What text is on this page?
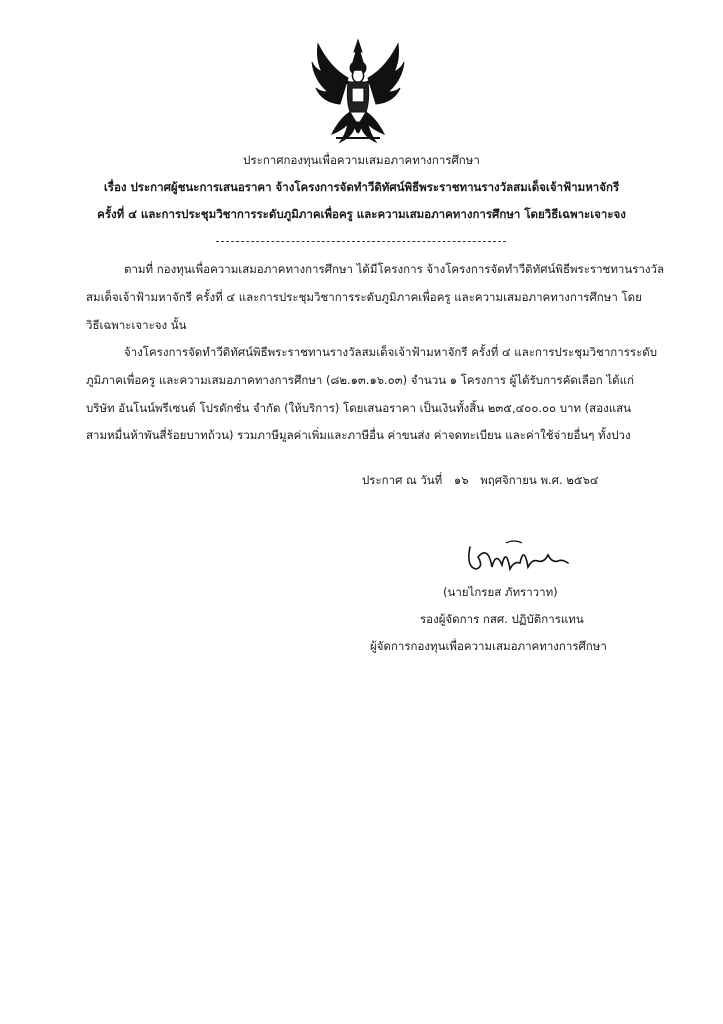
ประกาศกองทุนเพื่อความเสมอภาคทางการศึกษา
เรื่อง ประกาศผู้ชนะการเสนอราคา จ้างโครงการจัดทำวีดิทัศน์พิธีพระราชทานรางวัลสมเด็จเจ้าฟ้ามหาจักรี
ครั้งที่ ๔ และการประชุมวิชาการระดับภูมิภาคเพื่อครู และความเสมอภาคทางการศึกษา โดยวิธีเฉพาะเจาะจง
ตามที่ กองทุนเพื่อความเสมอภาคทางการศึกษา ได้มีโครงการ จ้างโครงการจัดทำวีดิทัศน์พิธีพระราชทานรางวัล
สมเด็จเจ้าฟ้ามหาจักรี ครั้งที่ ๔ และการประชุมวิชาการระดับภูมิภาคเพื่อครู และความเสมอภาคทางการศึกษา โดย
วิธีเฉพาะเจาะจง นั้น
จ้างโครงการจัดทำวีดิทัศน์พิธีพระราชทานรางวัลสมเด็จเจ้าฟ้ามหาจักรี ครั้งที่ ๔ และการประชุมวิชาการระดับ
ภูมิภาคเพื่อครู และความเสมอภาคทางการศึกษา (๘๒.๑๓.๑๖.๐๓) จำนวน ๑ โครงการ ผู้ได้รับการคัดเลือก ได้แก่
บริษัท อันโนน์พรีเซนต์ โปรดักชั่น จำกัด (ให้บริการ) โดยเสนอราคา เป็นเงินทั้งสิ้น ๒๓๕,๔๐๐.๐๐ บาท (สองแสน
สามหมื่นห้าพันสี่ร้อยบาทถ้วน) รวมภาษีมูลค่าเพิ่มและภาษีอื่น ค่าขนส่ง ค่าจดทะเบียน และค่าใช้จ่ายอื่นๆ ทั้งปวง
ประกาศ ณ วันที่ ๑๖ พฤศจิกายน พ.ศ. ๒๕๖๔
(นายไกรยส ภัทราวาท)
รองผู้จัดการ กสศ. ปฏิบัติการแทน
ผู้จัดการกองทุนเพื่อความเสมอภาคทางการศึกษา
